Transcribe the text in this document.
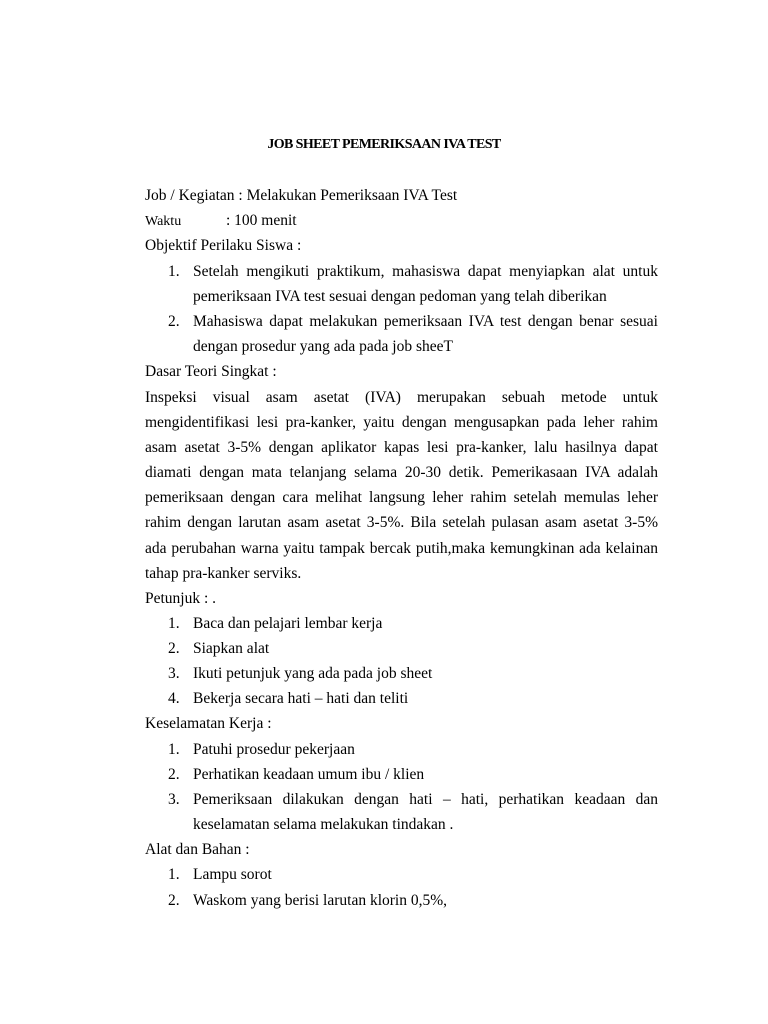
JOB SHEET PEMERIKSAAN IVA TEST
Job / Kegiatan : Melakukan Pemeriksaan IVA Test
Waktu	: 100 menit
Objektif Perilaku Siswa :
1. Setelah mengikuti praktikum, mahasiswa dapat menyiapkan alat untuk
pemeriksaan IVA test sesuai dengan pedoman yang telah diberikan
2. Mahasiswa dapat melakukan pemeriksaan IVA test dengan benar sesuai
dengan prosedur yang ada pada job sheeT
Dasar Teori Singkat :
Inspeksi visual asam asetat (IVA) merupakan sebuah metode untuk
mengidentifikasi lesi pra-kanker, yaitu dengan mengusapkan pada leher rahim
asam asetat 3-5% dengan aplikator kapas lesi pra-kanker, lalu hasilnya dapat
diamati dengan mata telanjang selama 20-30 detik. Pemerikasaan IVA adalah
pemeriksaan dengan cara melihat langsung leher rahim setelah memulas leher
rahim dengan larutan asam asetat 3-5%. Bila setelah pulasan asam asetat 3-5%
ada perubahan warna yaitu tampak bercak putih,maka kemungkinan ada kelainan
tahap pra-kanker serviks.
Petunjuk : .
1. Baca dan pelajari lembar kerja
2. Siapkan alat
3. Ikuti petunjuk yang ada pada job sheet
4. Bekerja secara hati – hati dan teliti
Keselamatan Kerja :
1. Patuhi prosedur pekerjaan
2. Perhatikan keadaan umum ibu / klien
3. Pemeriksaan dilakukan dengan hati – hati, perhatikan keadaan dan
keselamatan selama melakukan tindakan .
Alat dan Bahan :
1. Lampu sorot
2. Waskom yang berisi larutan klorin 0,5%,
